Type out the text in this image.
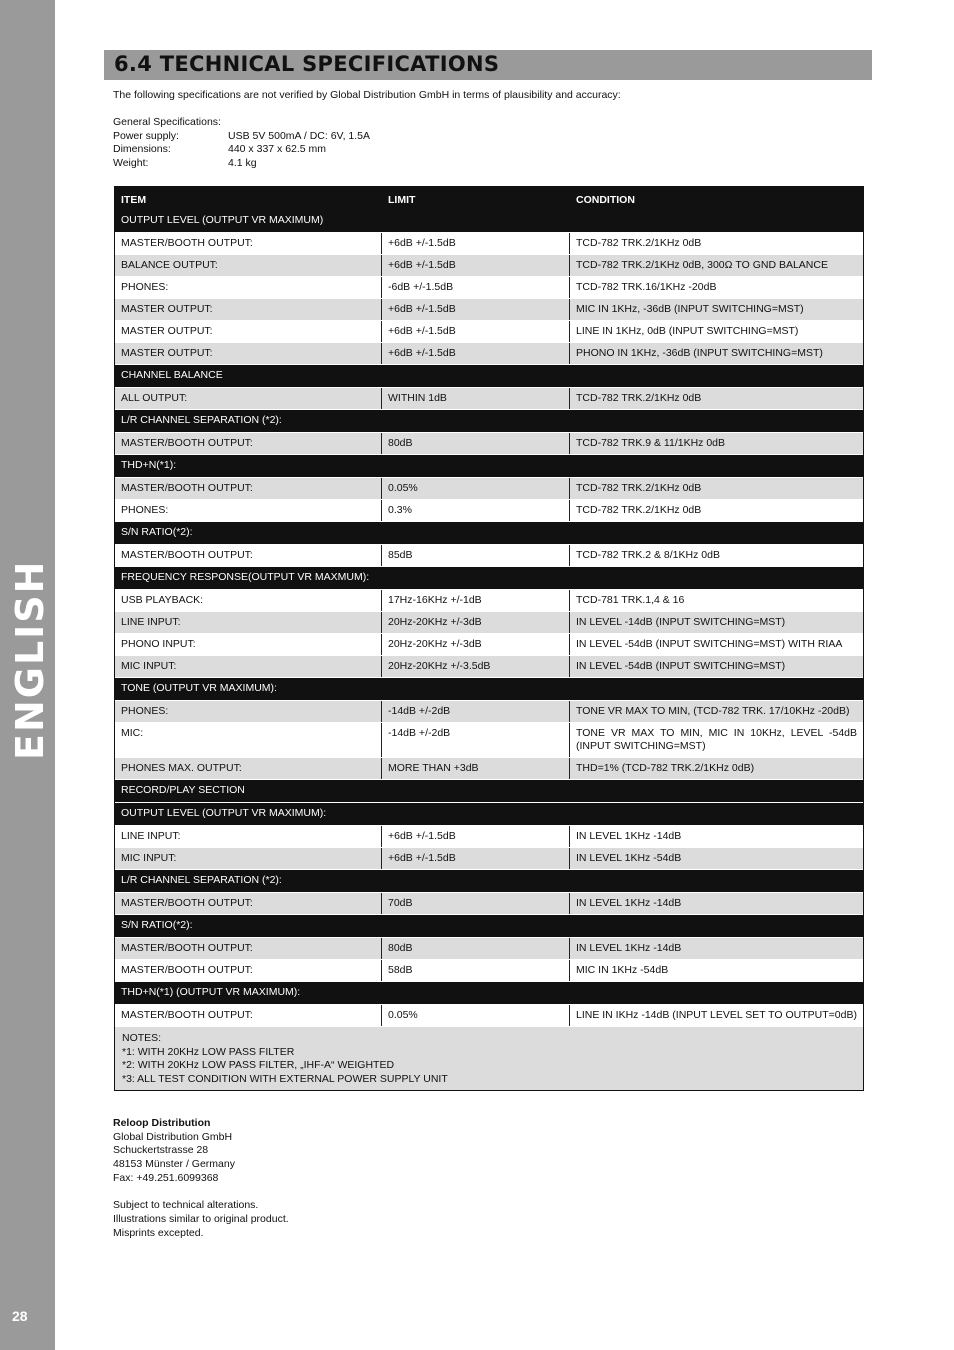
ENGLISH
28
6.4 TECHNICAL SPECIFICATIONS
The following specifications are not verified by Global Distribution GmbH in terms of plausibility and accuracy:
General Specifications:
Power supply:	USB 5V 500mA / DC: 6V, 1.5A
Dimensions:	440 x 337 x 62.5 mm
Weight:	4.1 kg
ITEM	LIMIT	CONDITION
OUTPUT LEVEL (OUTPUT VR MAXIMUM)
MASTER/BOOTH OUTPUT:	+6dB +/-1.5dB	TCD-782 TRK.2/1KHz 0dB
BALANCE OUTPUT:	+6dB +/-1.5dB	TCD-782 TRK.2/1KHz 0dB, 300Ω TO GND BALANCE
PHONES:	-6dB +/-1.5dB	TCD-782 TRK.16/1KHz -20dB
MASTER OUTPUT:	+6dB +/-1.5dB	MIC IN 1KHz, -36dB (INPUT SWITCHING=MST)
MASTER OUTPUT:	+6dB +/-1.5dB	LINE IN 1KHz, 0dB (INPUT SWITCHING=MST)
MASTER OUTPUT:	+6dB +/-1.5dB	PHONO IN 1KHz, -36dB (INPUT SWITCHING=MST)
CHANNEL BALANCE
ALL OUTPUT:	WITHIN 1dB	TCD-782 TRK.2/1KHz 0dB
L/R CHANNEL SEPARATION (*2):
MASTER/BOOTH OUTPUT:	80dB	TCD-782 TRK.9 & 11/1KHz 0dB
THD+N(*1):
MASTER/BOOTH OUTPUT:	0.05%	TCD-782 TRK.2/1KHz 0dB
PHONES:	0.3%	TCD-782 TRK.2/1KHz 0dB
S/N RATIO(*2):
MASTER/BOOTH OUTPUT:	85dB	TCD-782 TRK.2 & 8/1KHz 0dB
FREQUENCY RESPONSE(OUTPUT VR MAXMUM):
USB PLAYBACK:	17Hz-16KHz +/-1dB	TCD-781 TRK.1,4 & 16
LINE INPUT:	20Hz-20KHz +/-3dB	IN LEVEL -14dB (INPUT SWITCHING=MST)
PHONO INPUT:	20Hz-20KHz +/-3dB	IN LEVEL -54dB (INPUT SWITCHING=MST) WITH RIAA
MIC INPUT:	20Hz-20KHz +/-3.5dB	IN LEVEL -54dB (INPUT SWITCHING=MST)
TONE (OUTPUT VR MAXIMUM):
PHONES:	-14dB +/-2dB	TONE VR MAX TO MIN, (TCD-782 TRK. 17/10KHz -20dB)
MIC:	-14dB +/-2dB	TONE VR MAX TO MIN, MIC IN 10KHz, LEVEL -54dB (INPUT SWITCHING=MST)
PHONES MAX. OUTPUT:	MORE THAN +3dB	THD=1% (TCD-782 TRK.2/1KHz 0dB)
RECORD/PLAY SECTION
OUTPUT LEVEL (OUTPUT VR MAXIMUM):
LINE INPUT:	+6dB +/-1.5dB	IN LEVEL 1KHz -14dB
MIC INPUT:	+6dB +/-1.5dB	IN LEVEL 1KHz -54dB
L/R CHANNEL SEPARATION (*2):
MASTER/BOOTH OUTPUT:	70dB	IN LEVEL 1KHz -14dB
S/N RATIO(*2):
MASTER/BOOTH OUTPUT:	80dB	IN LEVEL 1KHz -14dB
MASTER/BOOTH OUTPUT:	58dB	MIC IN 1KHz -54dB
THD+N(*1) (OUTPUT VR MAXIMUM):
MASTER/BOOTH OUTPUT:	0.05%	LINE IN IKHz -14dB (INPUT LEVEL SET TO OUTPUT=0dB)
NOTES:
*1: WITH 20KHz LOW PASS FILTER
*2: WITH 20KHz LOW PASS FILTER, „IHF-A“ WEIGHTED
*3: ALL TEST CONDITION WITH EXTERNAL POWER SUPPLY UNIT
Reloop Distribution
Global Distribution GmbH
Schuckertstrasse 28
48153 Münster / Germany
Fax: +49.251.6099368
Subject to technical alterations.
Illustrations similar to original product.
Misprints excepted.
